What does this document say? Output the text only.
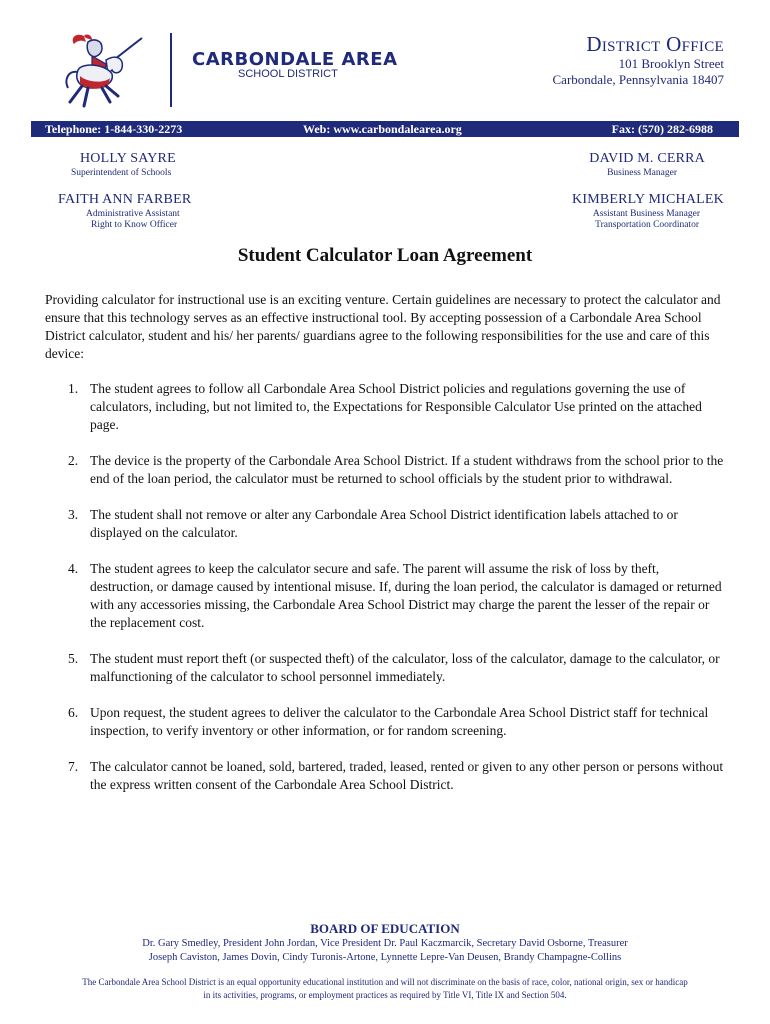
CARBONDALE AREA
SCHOOL DISTRICT
District Office
101 Brooklyn Street
Carbondale, Pennsylvania 18407
Telephone: 1-844-330-2273	Web: www.carbondalearea.org	Fax: (570) 282-6988
HOLLY SAYRE
Superintendent of Schools
FAITH ANN FARBER
Administrative Assistant
Right to Know Officer
DAVID M. CERRA
Business Manager
KIMBERLY MICHALEK
Assistant Business Manager
Transportation Coordinator
Student Calculator Loan Agreement
Providing calculator for instructional use is an exciting venture. Certain guidelines are necessary to protect the calculator and ensure that this technology serves as an effective instructional tool. By accepting possession of a Carbondale Area School District calculator, student and his/ her parents/ guardians agree to the following responsibilities for the use and care of this device:
1. The student agrees to follow all Carbondale Area School District policies and regulations governing the use of calculators, including, but not limited to, the Expectations for Responsible Calculator Use printed on the attached page.
2. The device is the property of the Carbondale Area School District. If a student withdraws from the school prior to the end of the loan period, the calculator must be returned to school officials by the student prior to withdrawal.
3. The student shall not remove or alter any Carbondale Area School District identification labels attached to or displayed on the calculator.
4. The student agrees to keep the calculator secure and safe. The parent will assume the risk of loss by theft, destruction, or damage caused by intentional misuse. If, during the loan period, the calculator is damaged or returned with any accessories missing, the Carbondale Area School District may charge the parent the lesser of the repair or the replacement cost.
5. The student must report theft (or suspected theft) of the calculator, loss of the calculator, damage to the calculator, or malfunctioning of the calculator to school personnel immediately.
6. Upon request, the student agrees to deliver the calculator to the Carbondale Area School District staff for technical inspection, to verify inventory or other information, or for random screening.
7. The calculator cannot be loaned, sold, bartered, traded, leased, rented or given to any other person or persons without the express written consent of the Carbondale Area School District.
BOARD OF EDUCATION
Dr. Gary Smedley, President John Jordan, Vice President Dr. Paul Kaczmarcik, Secretary David Osborne, Treasurer
Joseph Caviston, James Dovin, Cindy Turonis-Artone, Lynnette Lepre-Van Deusen, Brandy Champagne-Collins
The Carbondale Area School District is an equal opportunity educational institution and will not discriminate on the basis of race, color, national origin, sex or handicap
in its activities, programs, or employment practices as required by Title VI, Title IX and Section 504.
